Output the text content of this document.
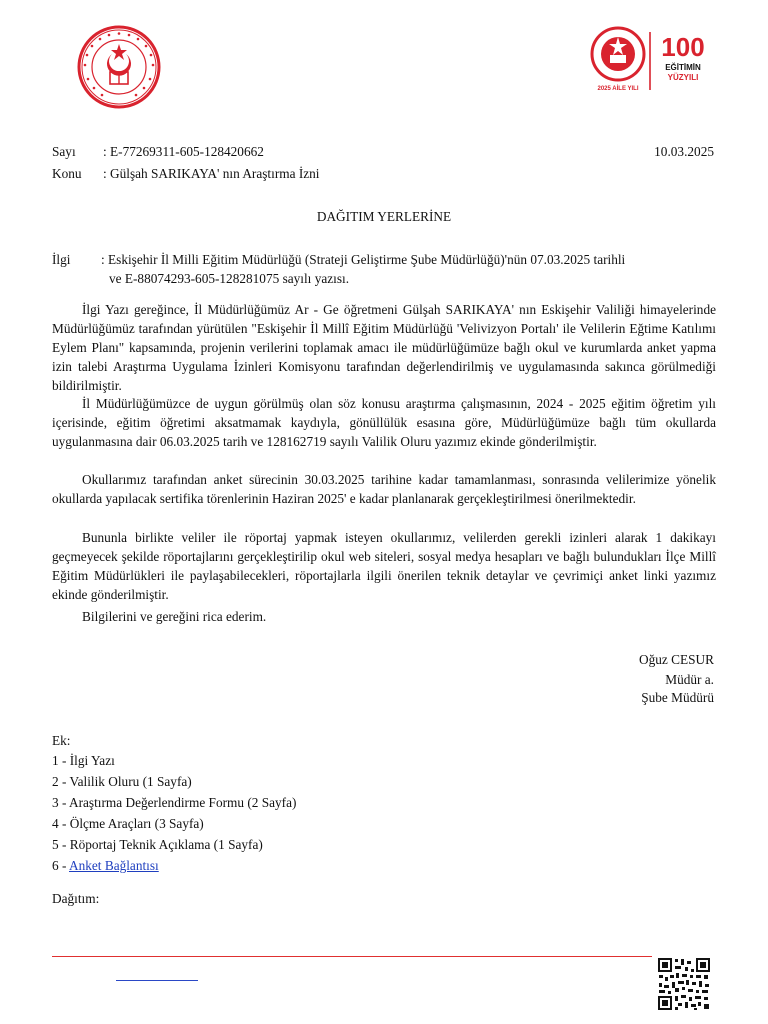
2025 AİLE YILI
100
EĞİTİMİN
YÜZYILI
Sayı : E-77269311-605-128420662	10.03.2025
Konu : Gülşah SARIKAYA' nın Araştırma İzni
DAĞITIM YERLERİNE
İlgi : Eskişehir İl Milli Eğitim Müdürlüğü (Strateji Geliştirme Şube Müdürlüğü)'nün 07.03.2025 tarihli
ve E-88074293-605-128281075 sayılı yazısı.
İlgi Yazı gereğince, İl Müdürlüğümüz Ar - Ge öğretmeni Gülşah SARIKAYA' nın Eskişehir Valiliği himayelerinde Müdürlüğümüz tarafından yürütülen "Eskişehir İl Millî Eğitim Müdürlüğü 'Velivizyon Portalı' ile Velilerin Eğtime Katılımı Eylem Planı" kapsamında, projenin verilerini toplamak amacı ile müdürlüğümüze bağlı okul ve kurumlarda anket yapma izin talebi Araştırma Uygulama İzinleri Komisyonu tarafından değerlendirilmiş ve uygulamasında sakınca görülmediği bildirilmiştir.
İl Müdürlüğümüzce de uygun görülmüş olan söz konusu araştırma çalışmasının, 2024 - 2025 eğitim öğretim yılı içerisinde, eğitim öğretimi aksatmamak kaydıyla, gönüllülük esasına göre, Müdürlüğümüze bağlı tüm okullarda uygulanmasına dair 06.03.2025 tarih ve 128162719 sayılı Valilik Oluru yazımız ekinde gönderilmiştir.
Okullarımız tarafından anket sürecinin 30.03.2025 tarihine kadar tamamlanması, sonrasında velilerimize yönelik okullarda yapılacak sertifika törenlerinin Haziran 2025' e kadar planlanarak gerçekleştirilmesi önerilmektedir.
Bununla birlikte veliler ile röportaj yapmak isteyen okullarımız, velilerden gerekli izinleri alarak 1 dakikayı geçmeyecek şekilde röportajlarını gerçekleştirilip okul web siteleri, sosyal medya hesapları ve bağlı bulundukları İlçe Millî Eğitim Müdürlükleri ile paylaşabilecekleri, röportajlarla ilgili önerilen teknik detaylar ve çevrimiçi anket linki yazımız ekinde gönderilmiştir.
Bilgilerini ve gereğini rica ederim.
Oğuz CESUR
Müdür a.
Şube Müdürü
Ek:
1 - İlgi Yazı
2 - Valilik Oluru (1 Sayfa)
3 - Araştırma Değerlendirme Formu (2 Sayfa)
4 - Ölçme Araçları (3 Sayfa)
5 - Röportaj Teknik Açıklama (1 Sayfa)
6 - Anket Bağlantısı
Dağıtım:
